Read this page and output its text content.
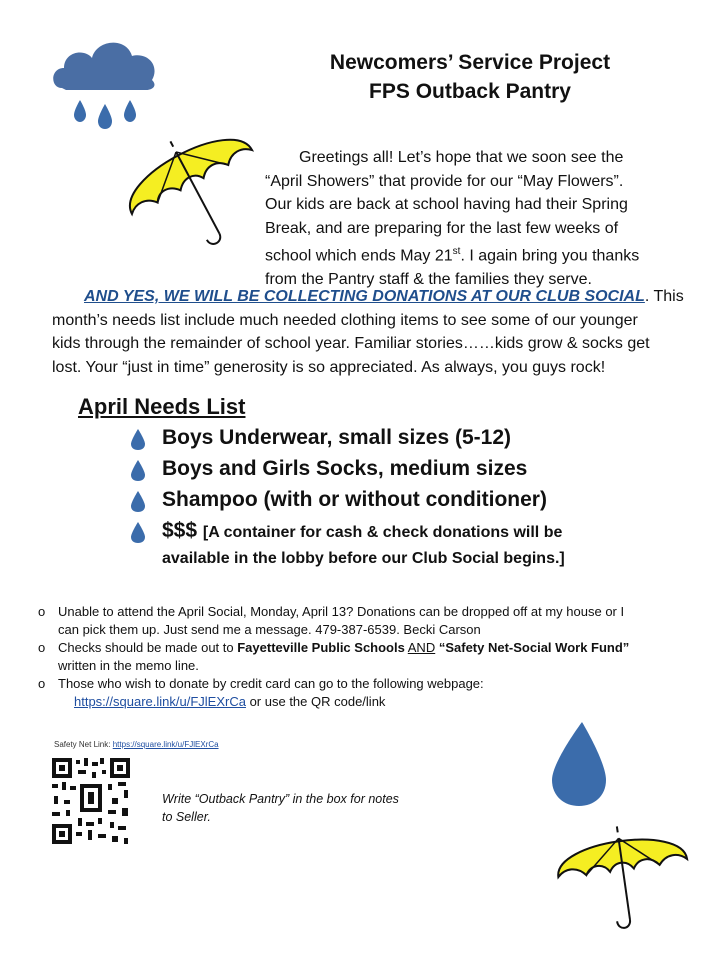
Newcomers’ Service Project
FPS Outback Pantry
Greetings all! Let’s hope that we soon see the
“April Showers” that provide for our “May Flowers”.
Our kids are back at school having had their Spring
Break, and are preparing for the last few weeks of
school which ends May 21st. I again bring you thanks
from the Pantry staff & the families they serve.
AND YES, WE WILL BE COLLECTING DONATIONS AT OUR CLUB SOCIAL. This
month’s needs list include much needed clothing items to see some of our younger
kids through the remainder of school year. Familiar stories……kids grow & socks get
lost. Your “just in time” generosity is so appreciated. As always, you guys rock!
April Needs List
Boys Underwear, small sizes (5-12)
Boys and Girls Socks, medium sizes
Shampoo (with or without conditioner)
$$$ [A container for cash & check donations will be
available in the lobby before our Club Social begins.]
o Unable to attend the April Social, Monday, April 13? Donations can be dropped off at my house or I
can pick them up. Just send me a message. 479-387-6539. Becki Carson
o Checks should be made out to Fayetteville Public Schools AND “Safety Net-Social Work Fund”
written in the memo line.
o Those who wish to donate by credit card can go to the following webpage:
https://square.link/u/FJlEXrCa or use the QR code/link
Safety Net Link: https://square.link/u/FJlEXrCa
Write “Outback Pantry” in the box for notes
to Seller.
